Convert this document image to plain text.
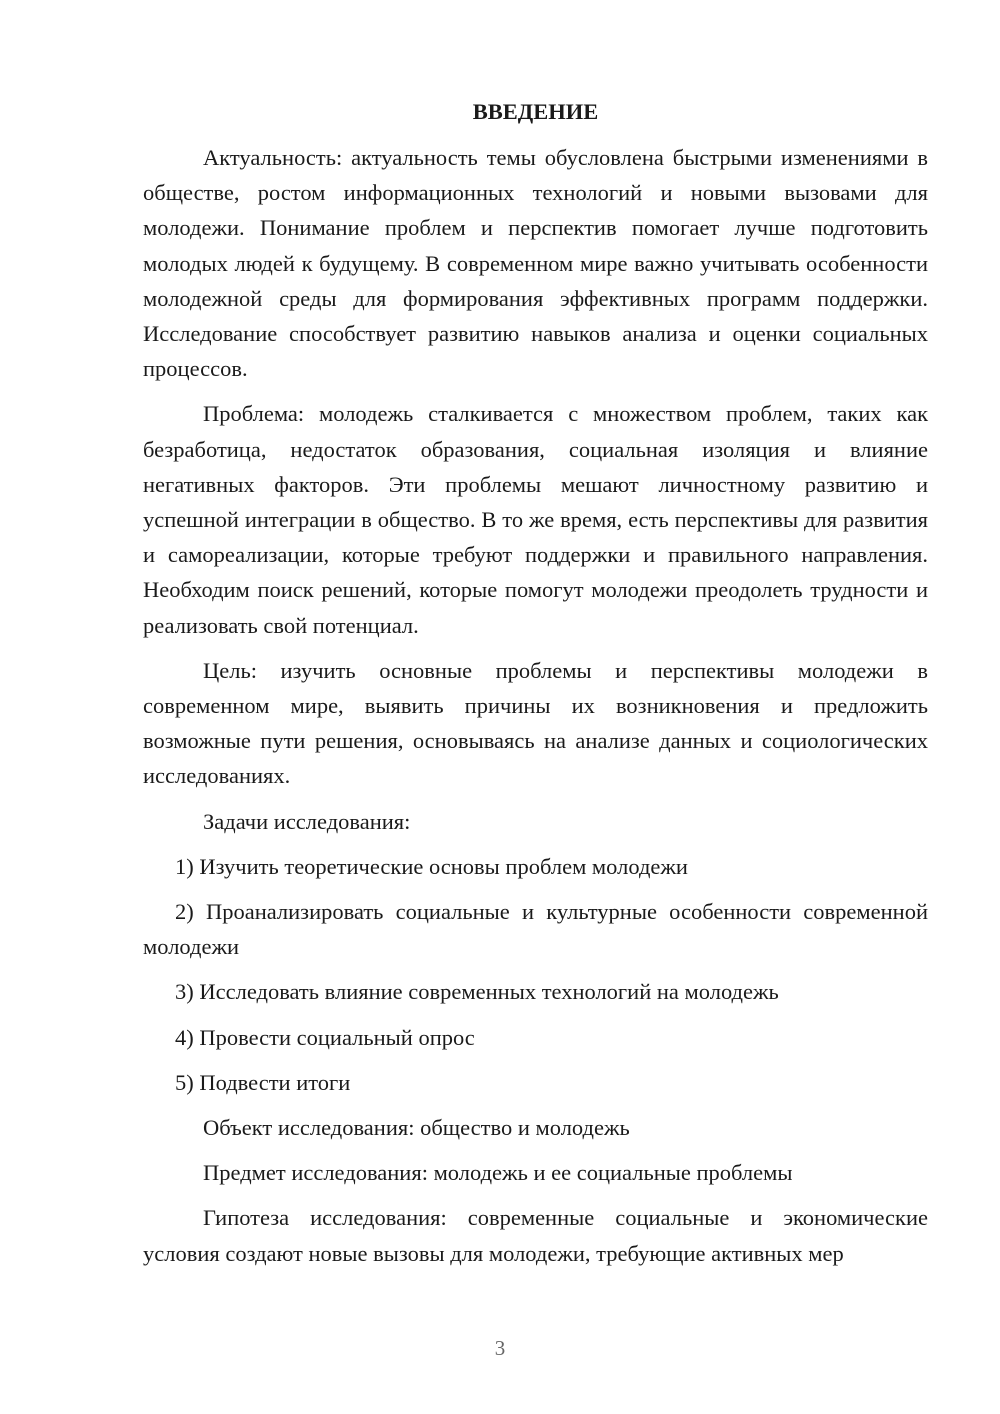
ВВЕДЕНИЕ

Актуальность: актуальность темы обусловлена быстрыми изменениями в обществе, ростом информационных технологий и новыми вызовами для молодежи. Понимание проблем и перспектив помогает лучше подготовить молодых людей к будущему. В современном мире важно учитывать особенности молодежной среды для формирования эффективных программ поддержки. Исследование способствует развитию навыков анализа и оценки социальных процессов.

Проблема: молодежь сталкивается с множеством проблем, таких как безработица, недостаток образования, социальная изоляция и влияние негативных факторов. Эти проблемы мешают личностному развитию и успешной интеграции в общество. В то же время, есть перспективы для развития и самореализации, которые требуют поддержки и правильного направления. Необходим поиск решений, которые помогут молодежи преодолеть трудности и реализовать свой потенциал.

Цель: изучить основные проблемы и перспективы молодежи в современном мире, выявить причины их возникновения и предложить возможные пути решения, основываясь на анализе данных и социологических исследованиях.

Задачи исследования:

1) Изучить теоретические основы проблем молодежи

2) Проанализировать социальные и культурные особенности современной молодежи

3) Исследовать влияние современных технологий на молодежь

4) Провести социальный опрос

5) Подвести итоги

Объект исследования: общество и молодежь

Предмет исследования: молодежь и ее социальные проблемы

Гипотеза исследования: современные социальные и экономические условия создают новые вызовы для молодежи, требующие активных мер

3
